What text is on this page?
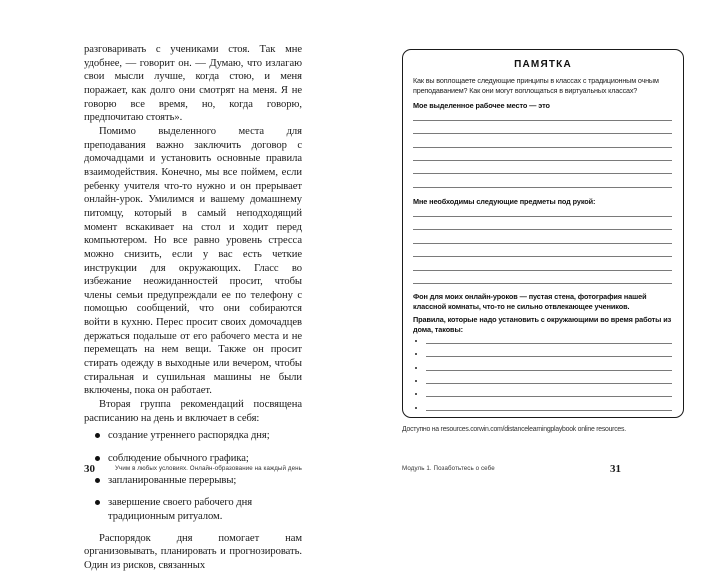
разговаривать с учениками стоя. Так мне удобнее, — говорит он. — Думаю, что излагаю свои мысли лучше, когда стою, и меня поражает, как долго они смотрят на меня. Я не говорю все время, но, когда говорю, предпочитаю стоять».

Помимо выделенного места для преподавания важно заключить договор с домочадцами и установить основные правила взаимодействия. Конечно, мы все поймем, если ребенку учителя что-то нужно и он прерывает онлайн-урок. Умилимся и вашему домашнему питомцу, который в самый неподходящий момент вскакивает на стол и ходит перед компьютером. Но все равно уровень стресса можно снизить, если у вас есть четкие инструкции для окружающих. Гласс во избежание неожиданностей просит, чтобы члены семьи предупреждали ее по телефону с помощью сообщений, что они собираются войти в кухню. Перес просит своих домочадцев держаться подальше от его рабочего места и не перемещать на нем вещи. Также он просит стирать одежду в выходные или вечером, чтобы стиральная и сушильная машины не были включены, пока он работает.

Вторая группа рекомендаций посвящена расписанию на день и включает в себя:

создание утреннего распорядка дня;
соблюдение обычного графика;
запланированные перерывы;
завершение своего рабочего дня традиционным ритуалом.

Распорядок дня помогает нам организовывать, планировать и прогнозировать. Один из рисков, связанных

30	Учим в любых условиях. Онлайн-образование на каждый день
ПАМЯТКА
Как вы воплощаете следующие принципы в классах с традиционным очным преподаванием? Как они могут воплощаться в виртуальных классах?
Мое выделенное рабочее место — это
Мне необходимы следующие предметы под рукой:
Фон для моих онлайн-уроков — пустая стена, фотография нашей классной комнаты, что-то не сильно отвлекающее учеников.
Правила, которые надо установить с окружающими во время работы из дома, таковы:
Доступно на resources.corwin.com/distancelearningplaybook online resources.
Модуль 1. Позаботьтесь о себе	31
